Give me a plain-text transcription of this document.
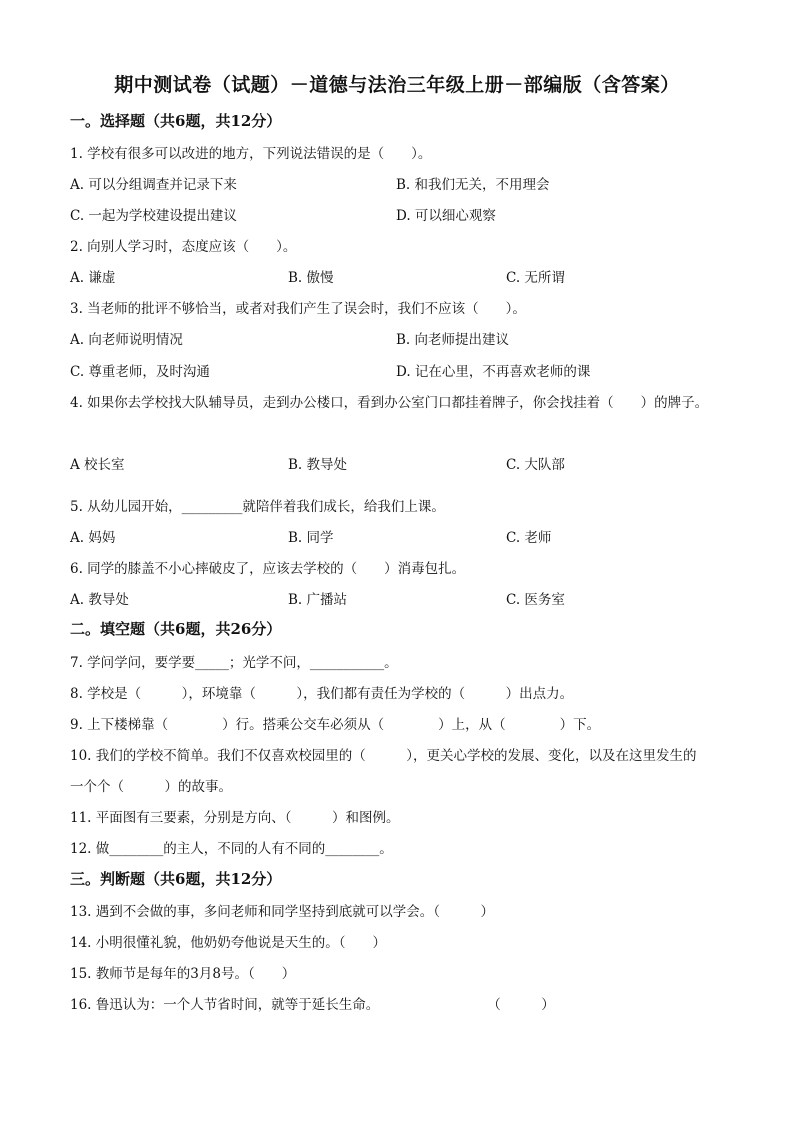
期中测试卷（试题）－道德与法治三年级上册－部编版（含答案）
一。选择题（共6题，共12分）
1. 学校有很多可以改进的地方，下列说法错误的是（　　）。
A. 可以分组调查并记录下来	B. 和我们无关，不用理会
C. 一起为学校建设提出建议	D. 可以细心观察
2. 向别人学习时，态度应该（　　）。
A. 谦虚	B. 傲慢	C. 无所谓
3. 当老师的批评不够恰当，或者对我们产生了误会时，我们不应该（　　）。
A. 向老师说明情况	B. 向老师提出建议
C. 尊重老师，及时沟通	D. 记在心里，不再喜欢老师的课
4. 如果你去学校找大队辅导员，走到办公楼口，看到办公室门口都挂着牌子，你会找挂着（　　）的牌子。
A 校长室	B. 教导处	C. 大队部
5. 从幼儿园开始，_________就陪伴着我们成长，给我们上课。
A. 妈妈	B. 同学	C. 老师
6. 同学的膝盖不小心摔破皮了，应该去学校的（　　）消毒包扎。
A. 教导处	B. 广播站	C. 医务室
二。填空题（共6题，共26分）
7. 学问学问，要学要_____；光学不问，___________。
8. 学校是（　　　），环境靠（　　　），我们都有责任为学校的（　　　）出点力。
9. 上下楼梯靠（　　　　）行。搭乘公交车必须从（　　　　）上，从（　　　　）下。
10. 我们的学校不简单。我们不仅喜欢校园里的（　　　），更关心学校的发展、变化，以及在这里发生的
一个个（　　　）的故事。
11. 平面图有三要素，分别是方向、（　　　）和图例。
12. 做________的主人，不同的人有不同的________。
三。判断题（共6题，共12分）
13. 遇到不会做的事，多问老师和同学坚持到底就可以学会。（　　　）
14. 小明很懂礼貌，他奶奶夸他说是天生的。（　　）
15. 教师节是每年的3月8号。（　　）
16. 鲁迅认为：一个人节省时间，就等于延长生命。　　　　　　　　　（　　　）
